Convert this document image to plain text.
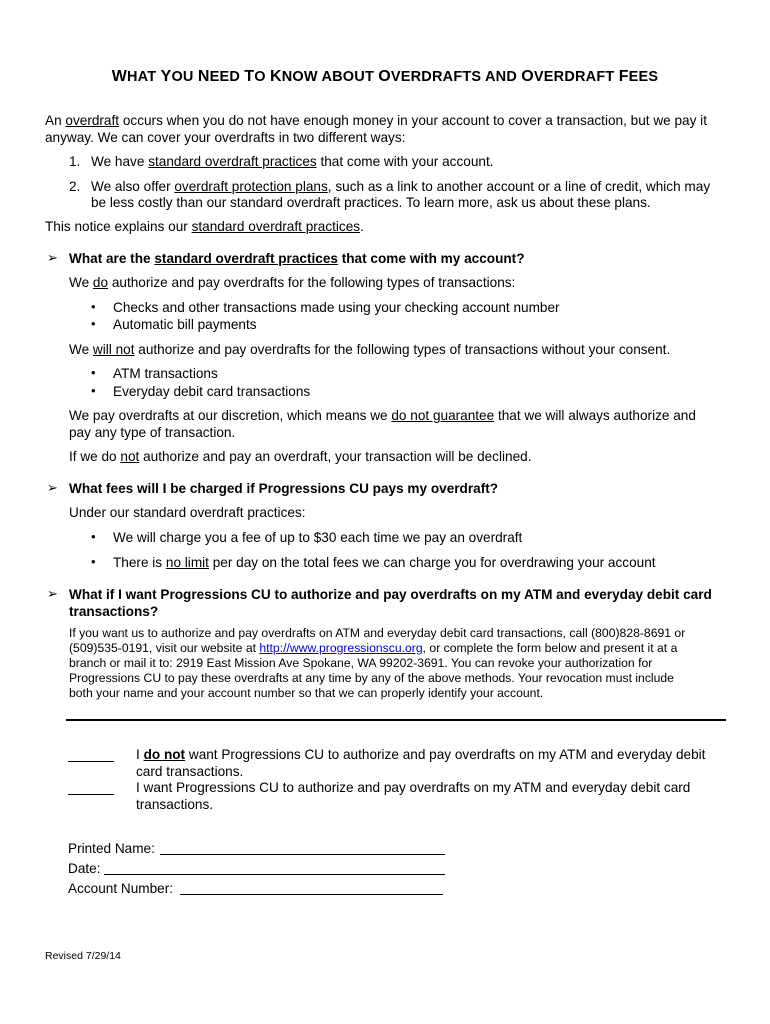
WHAT YOU NEED TO KNOW ABOUT OVERDRAFTS AND OVERDRAFT FEES
An overdraft occurs when you do not have enough money in your account to cover a transaction, but we pay it
anyway. We can cover your overdrafts in two different ways:
1. We have standard overdraft practices that come with your account.
2. We also offer overdraft protection plans, such as a link to another account or a line of credit, which may
be less costly than our standard overdraft practices. To learn more, ask us about these plans.
This notice explains our standard overdraft practices.
➢ What are the standard overdraft practices that come with my account?
We do authorize and pay overdrafts for the following types of transactions:
• Checks and other transactions made using your checking account number
• Automatic bill payments
We will not authorize and pay overdrafts for the following types of transactions without your consent.
• ATM transactions
• Everyday debit card transactions
We pay overdrafts at our discretion, which means we do not guarantee that we will always authorize and
pay any type of transaction.
If we do not authorize and pay an overdraft, your transaction will be declined.
➢ What fees will I be charged if Progressions CU pays my overdraft?
Under our standard overdraft practices:
• We will charge you a fee of up to $30 each time we pay an overdraft
• There is no limit per day on the total fees we can charge you for overdrawing your account
➢ What if I want Progressions CU to authorize and pay overdrafts on my ATM and everyday debit card
transactions?
If you want us to authorize and pay overdrafts on ATM and everyday debit card transactions, call (800)828-8691 or
(509)535-0191, visit our website at http://www.progressionscu.org, or complete the form below and present it at a
branch or mail it to: 2919 East Mission Ave Spokane, WA 99202-3691. You can revoke your authorization for
Progressions CU to pay these overdrafts at any time by any of the above methods. Your revocation must include
both your name and your account number so that we can properly identify your account.
I do not want Progressions CU to authorize and pay overdrafts on my ATM and everyday debit
card transactions.
I want Progressions CU to authorize and pay overdrafts on my ATM and everyday debit card
transactions.
Printed Name:
Date:
Account Number:
Revised 7/29/14
